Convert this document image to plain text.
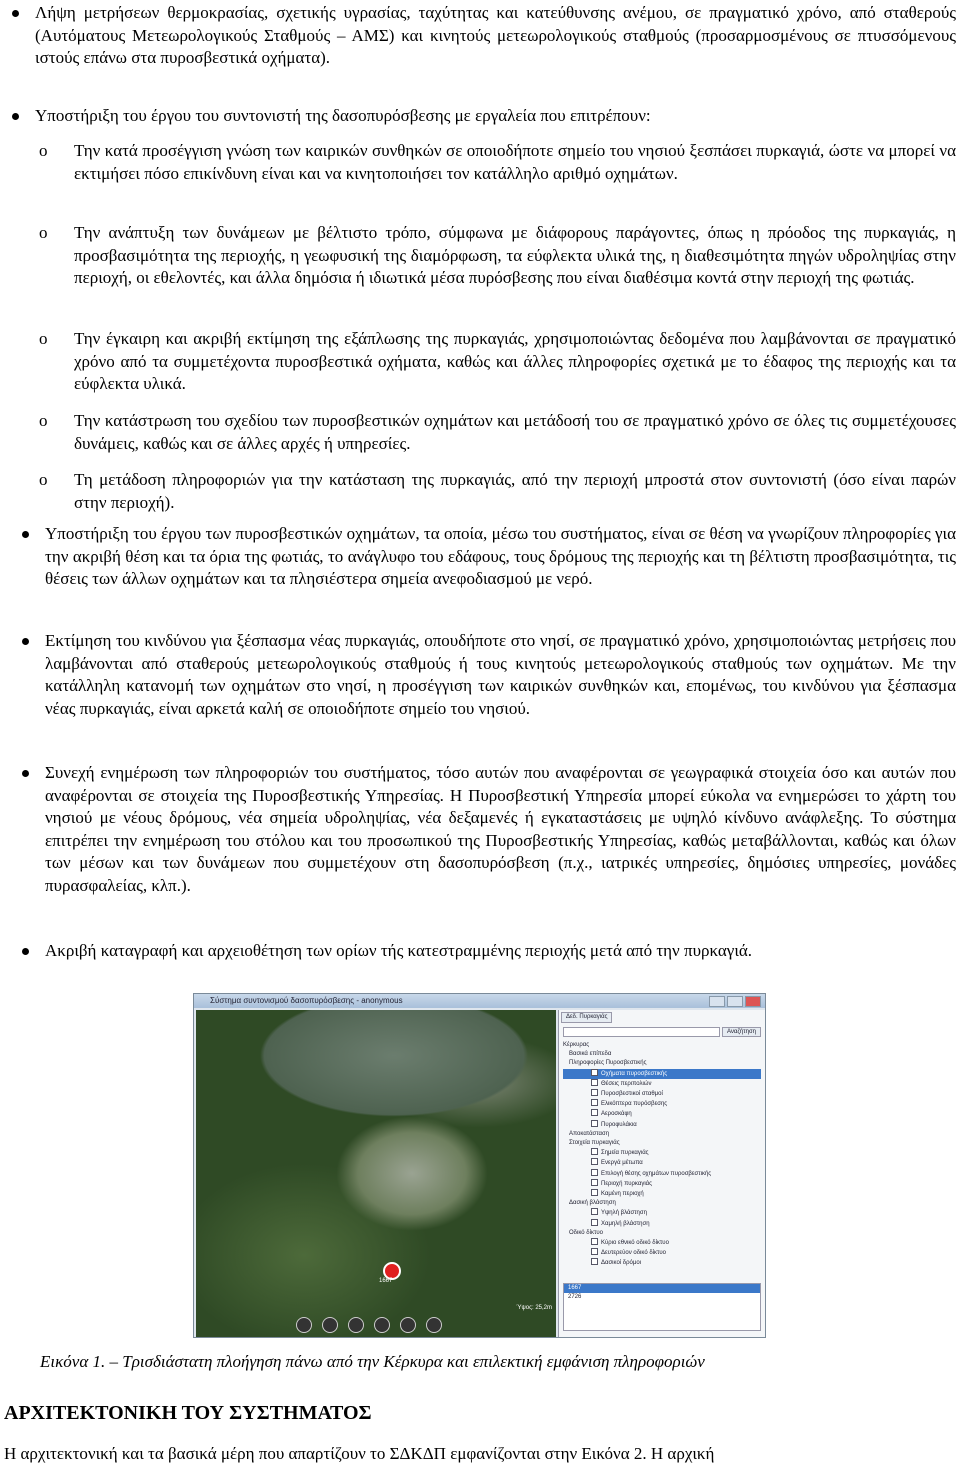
Λήψη μετρήσεων θερμοκρασίας, σχετικής υγρασίας, ταχύτητας και κατεύθυνσης ανέμου, σε πραγματικό χρόνο, από σταθερούς (Αυτόματους Μετεωρολογικούς Σταθμούς – ΑΜΣ) και κινητούς μετεωρολογικούς σταθμούς (προσαρμοσμένους σε πτυσσόμενους ιστούς επάνω στα πυροσβεστικά οχήματα).
Υποστήριξη του έργου του συντονιστή της δασοπυρόσβεσης με εργαλεία που επιτρέπουν:
o Την κατά προσέγγιση γνώση των καιρικών συνθηκών σε οποιοδήποτε σημείο του νησιού ξεσπάσει πυρκαγιά, ώστε να μπορεί να εκτιμήσει πόσο επικίνδυνη είναι και να κινητοποιήσει τον κατάλληλο αριθμό οχημάτων.
o Την ανάπτυξη των δυνάμεων με βέλτιστο τρόπο, σύμφωνα με διάφορους παράγοντες, όπως η πρόοδος της πυρκαγιάς, η προσβασιμότητα της περιοχής, η γεωφυσική της διαμόρφωση, τα εύφλεκτα υλικά της, η διαθεσιμότητα πηγών υδροληψίας στην περιοχή, οι εθελοντές, και άλλα δημόσια ή ιδιωτικά μέσα πυρόσβεσης που είναι διαθέσιμα κοντά στην περιοχή της φωτιάς.
o Την έγκαιρη και ακριβή εκτίμηση της εξάπλωσης της πυρκαγιάς, χρησιμοποιώντας δεδομένα που λαμβάνονται σε πραγματικό χρόνο από τα συμμετέχοντα πυροσβεστικά οχήματα, καθώς και άλλες πληροφορίες σχετικά με το έδαφος της περιοχής και τα εύφλεκτα υλικά.
o Την κατάστρωση του σχεδίου των πυροσβεστικών οχημάτων και μετάδοσή του σε πραγματικό χρόνο σε όλες τις συμμετέχουσες δυνάμεις, καθώς και σε άλλες αρχές ή υπηρεσίες.
o Τη μετάδοση πληροφοριών για την κατάσταση της πυρκαγιάς, από την περιοχή μπροστά στον συντονιστή (όσο είναι παρών στην περιοχή).
Υποστήριξη του έργου των πυροσβεστικών οχημάτων, τα οποία, μέσω του συστήματος, είναι σε θέση να γνωρίζουν πληροφορίες για την ακριβή θέση και τα όρια της φωτιάς, το ανάγλυφο του εδάφους, τους δρόμους της περιοχής και τη βέλτιστη προσβασιμότητα, τις θέσεις των άλλων οχημάτων και τα πλησιέστερα σημεία ανεφοδιασμού με νερό.
Εκτίμηση του κινδύνου για ξέσπασμα νέας πυρκαγιάς, οπουδήποτε στο νησί, σε πραγματικό χρόνο, χρησιμοποιώντας μετρήσεις που λαμβάνονται από σταθερούς μετεωρολογικούς σταθμούς ή τους κινητούς μετεωρολογικούς σταθμούς των οχημάτων. Με την κατάλληλη κατανομή των οχημάτων στο νησί, η προσέγγιση των καιρικών συνθηκών και, επομένως, του κινδύνου για ξέσπασμα νέας πυρκαγιάς, είναι αρκετά καλή σε οποιοδήποτε σημείο του νησιού.
Συνεχή ενημέρωση των πληροφοριών του συστήματος, τόσο αυτών που αναφέρονται σε γεωγραφικά στοιχεία όσο και αυτών που αναφέρονται σε στοιχεία της Πυροσβεστικής Υπηρεσίας. Η Πυροσβεστική Υπηρεσία μπορεί εύκολα να ενημερώσει το χάρτη του νησιού με νέους δρόμους, νέα σημεία υδροληψίας, νέα δεξαμενές ή εγκαταστάσεις με υψηλό κίνδυνο ανάφλεξης. Το σύστημα επιτρέπει την ενημέρωση του στόλου και του προσωπικού της Πυροσβεστικής Υπηρεσίας, καθώς μεταβάλλονται, καθώς και όλων των μέσων και των δυνάμεων που συμμετέχουν στη δασοπυρόσβεση (π.χ., ιατρικές υπηρεσίες, δημόσιες υπηρεσίες, μονάδες πυρασφαλείας, κλπ.).
Ακριβή καταγραφή και αρχειοθέτηση των ορίων τής κατεστραμμένης περιοχής μετά από την πυρκαγιά.
Σύστημα συντονισμού δασοπυρόσβεσης - anonymous
1667
Ύψος: 25,2m
Δεδ. Πυρκαγιάς
Αναζήτηση
Κέρκυρας
Βασικά επίπεδα
Πληροφορίες Πυροσβεστικής
Οχήματα πυροσβεστικής
Θέσεις περιπολιών
Πυροσβεστικοί σταθμοί
Ελικόπτερα πυρόσβεσης
Αεροσκάφη
Πυροφυλάκια
Αποκατάσταση
Στοιχεία πυρκαγιάς
Σημεία πυρκαγιάς
Ενεργά μέτωπα
Επιλογή θέσης οχημάτων πυροσβεστικής
Περιοχή πυρκαγιάς
Καμένη περιοχή
Δασική βλάστηση
Υψηλή βλάστηση
Χαμηλή βλάστηση
Οδικό δίκτυο
Κύριο εθνικό οδικό δίκτυο
Δευτερεύον οδικό δίκτυο
Δασικοί δρόμοι
1667
2726
Εικόνα 1. – Τρισδιάστατη πλοήγηση πάνω από την Κέρκυρα και επιλεκτική εμφάνιση πληροφοριών
ΑΡΧΙΤΕΚΤΟΝΙΚΗ ΤΟΥ ΣΥΣΤΗΜΑΤΟΣ
Η αρχιτεκτονική και τα βασικά μέρη που απαρτίζουν το ΣΔΚΔΠ εμφανίζονται στην Εικόνα 2. Η αρχική
